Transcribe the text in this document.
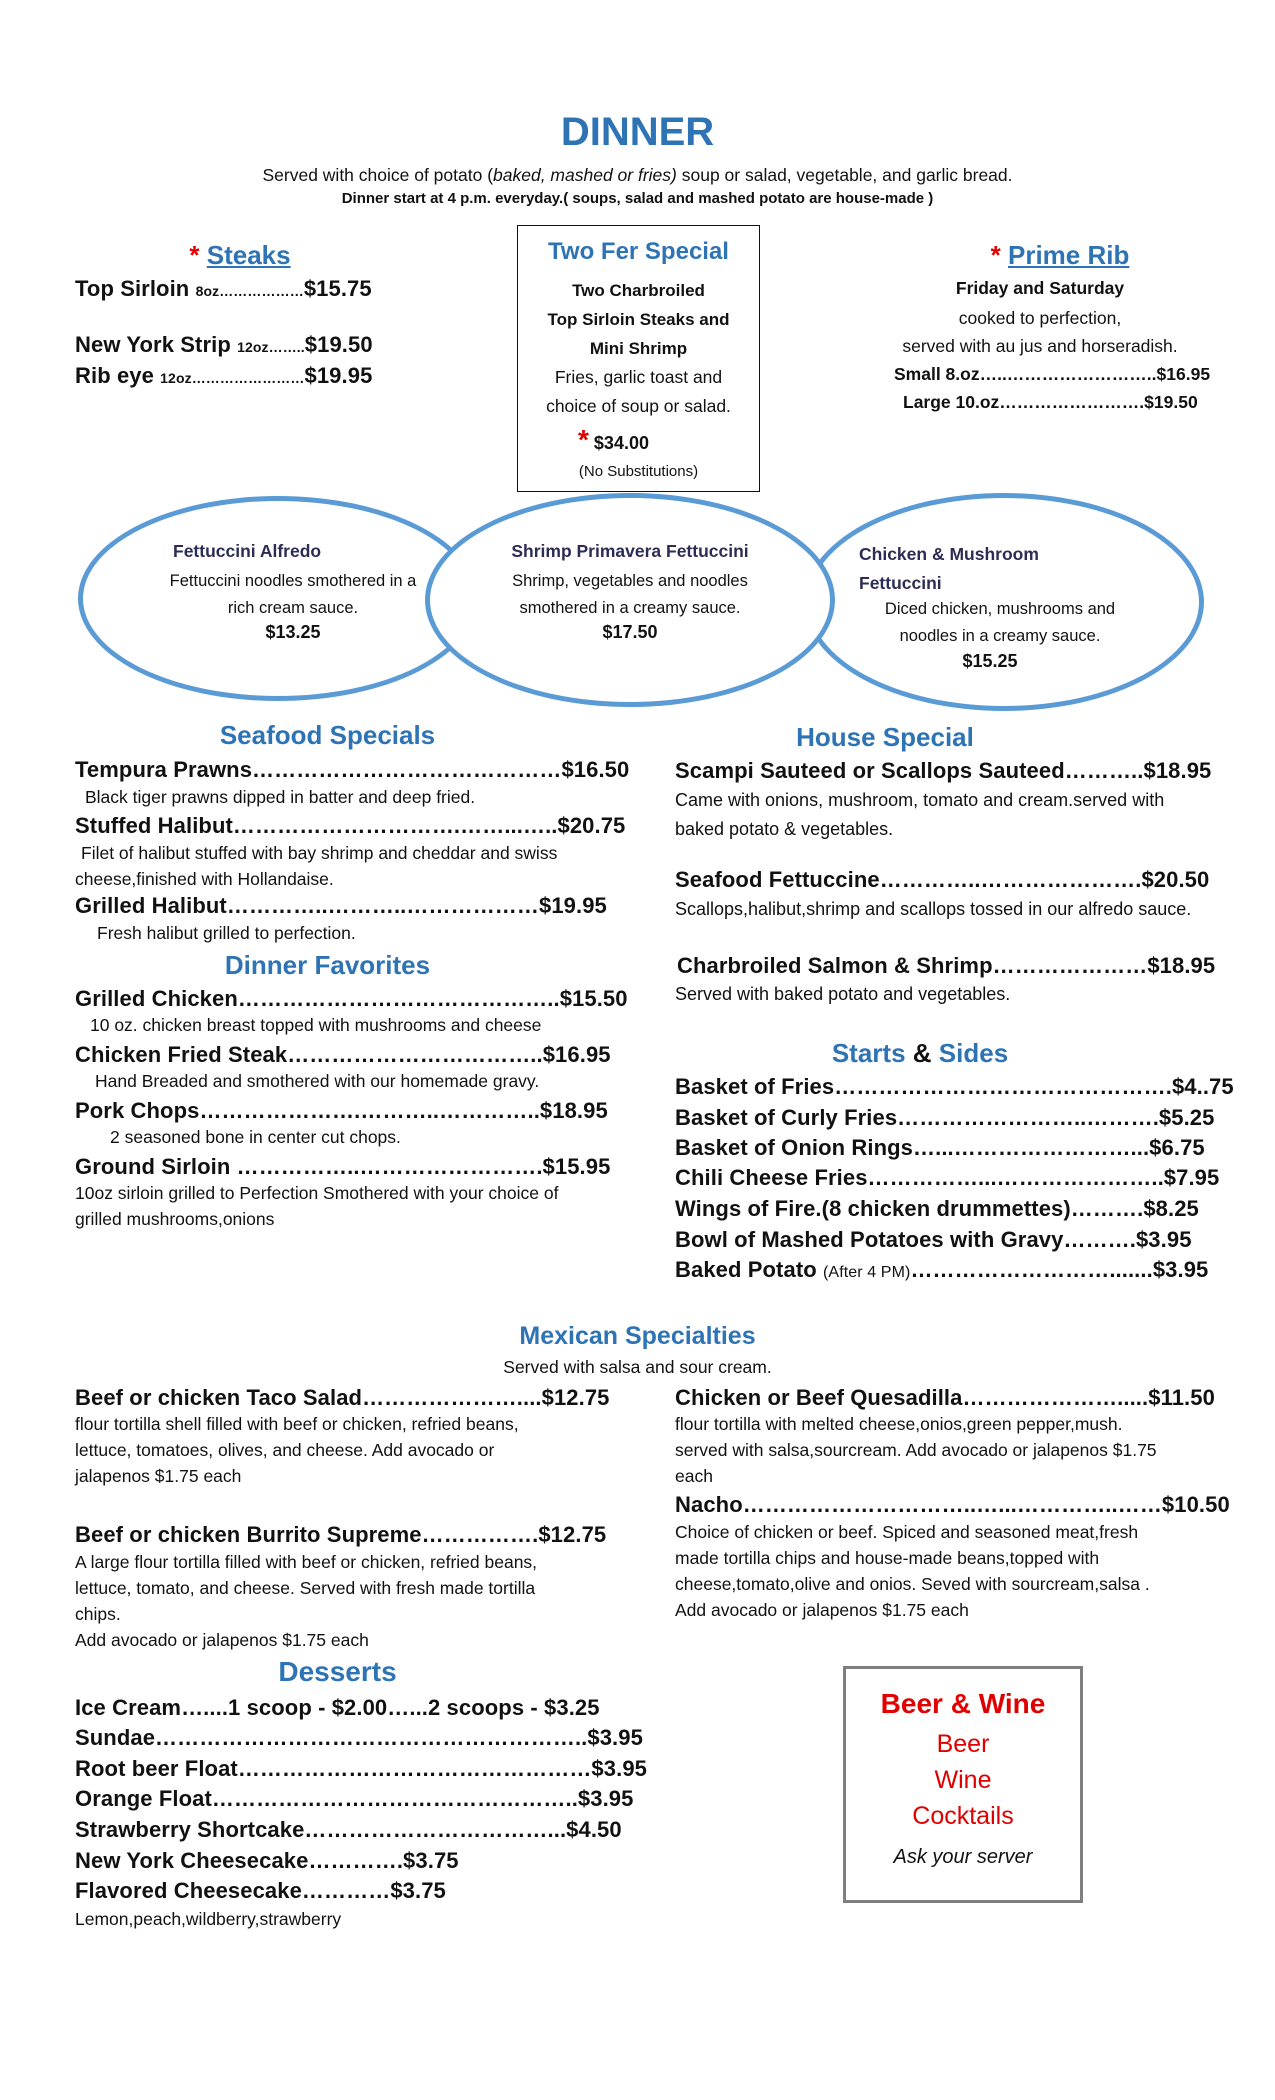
DINNER
Served with choice of potato (baked, mashed or fries) soup or salad, vegetable, and garlic bread.
Dinner start at 4 p.m. everyday.( soups, salad and mashed potato are house-made )
* Steaks
Top Sirloin 8oz………………$15.75
New York Strip 12oz……..$19.50
Rib eye 12oz……………………$19.95
Two Fer Special
Two Charbroiled
Top Sirloin Steaks and
Mini Shrimp
Fries, garlic toast and
choice of soup or salad.
* $34.00
(No Substitutions)
* Prime Rib
Friday and Saturday
cooked to perfection,
served with au jus and horseradish.
Small 8.oz…..……………………..$16.95
Large 10.oz…………………….$19.50
Fettuccini Alfredo
Fettuccini noodles smothered in a
rich cream sauce.
$13.25
Shrimp Primavera Fettuccini
Shrimp, vegetables and noodles
smothered in a creamy sauce.
$17.50
Chicken & Mushroom
Fettuccini
Diced chicken, mushrooms and
noodles in a creamy sauce.
$15.25
Seafood Specials
Tempura Prawns……………………………………$16.50
Black tiger prawns dipped in batter and deep fried.
Stuffed Halibut………………………….……...…..$20.75
Filet of halibut stuffed with bay shrimp and cheddar and swiss cheese,finished with Hollandaise.
Grilled Halibut…………..………..………………$19.95
Fresh halibut grilled to perfection.
Dinner Favorites
Grilled Chicken……………………………………..$15.50
10 oz. chicken breast topped with mushrooms and cheese
Chicken Fried Steak……………………………..$16.95
Hand Breaded and smothered with our homemade gravy.
Pork Chops………………….………..…………..$18.95
2 seasoned bone in center cut chops.
Ground Sirloin ……………..…………………….$15.95
10oz sirloin grilled to Perfection Smothered with your choice of grilled mushrooms,onions
House Special
Scampi Sauteed or Scallops Sauteed………..$18.95
Came with onions, mushroom, tomato and cream.served with baked potato & vegetables.
Seafood Fettuccine…………..………………….$20.50
Scallops,halibut,shrimp and scallops tossed in our alfredo sauce.
Charbroiled Salmon & Shrimp…………………$18.95
Served with baked potato and vegetables.
Starts & Sides
Basket of Fries……………………………………….$4..75
Basket of Curly Fries……………………..……….$5.25
Basket of Onion Rings…...……………………...$6.75
Chili Cheese Fries……………...…………………..$7.95
Wings of Fire.(8 chicken drummettes)……….$8.25
Bowl of Mashed Potatoes with Gravy……….$3.95
Baked Potato (After 4 PM)……………………….......$3.95
Mexican Specialties
Served with salsa and sour cream.
Beef or chicken Taco Salad…………………....$12.75
flour tortilla shell filled with beef or chicken, refried beans,
lettuce, tomatoes, olives, and cheese. Add avocado or
jalapenos $1.75 each
Beef or chicken Burrito Supreme…………….$12.75
A large flour tortilla filled with beef or chicken, refried beans,
lettuce, tomato, and cheese. Served with fresh made tortilla
chips.
Add avocado or jalapenos $1.75 each
Chicken or Beef Quesadilla………………….....$11.50
flour tortilla with melted cheese,onios,green pepper,mush.
served with salsa,sourcream. Add avocado or jalapenos $1.75
each
Nacho…………………………..…...…………..……$10.50
Choice of chicken or beef. Spiced and seasoned meat,fresh
made tortilla chips and house-made beans,topped with
cheese,tomato,olive and onios. Seved with sourcream,salsa .
Add avocado or jalapenos $1.75 each
Desserts
Ice Cream…....1 scoop - $2.00…...2 scoops - $3.25
Sundae…………………………………………………..$3.95
Root beer Float…………………………………………$3.95
Orange Float…………………………………………..$3.95
Strawberry Shortcake……………………………...$4.50
New York Cheesecake………….$3.75
Flavored Cheesecake…………$3.75
Lemon,peach,wildberry,strawberry
Beer & Wine
Beer
Wine
Cocktails
Ask your server
